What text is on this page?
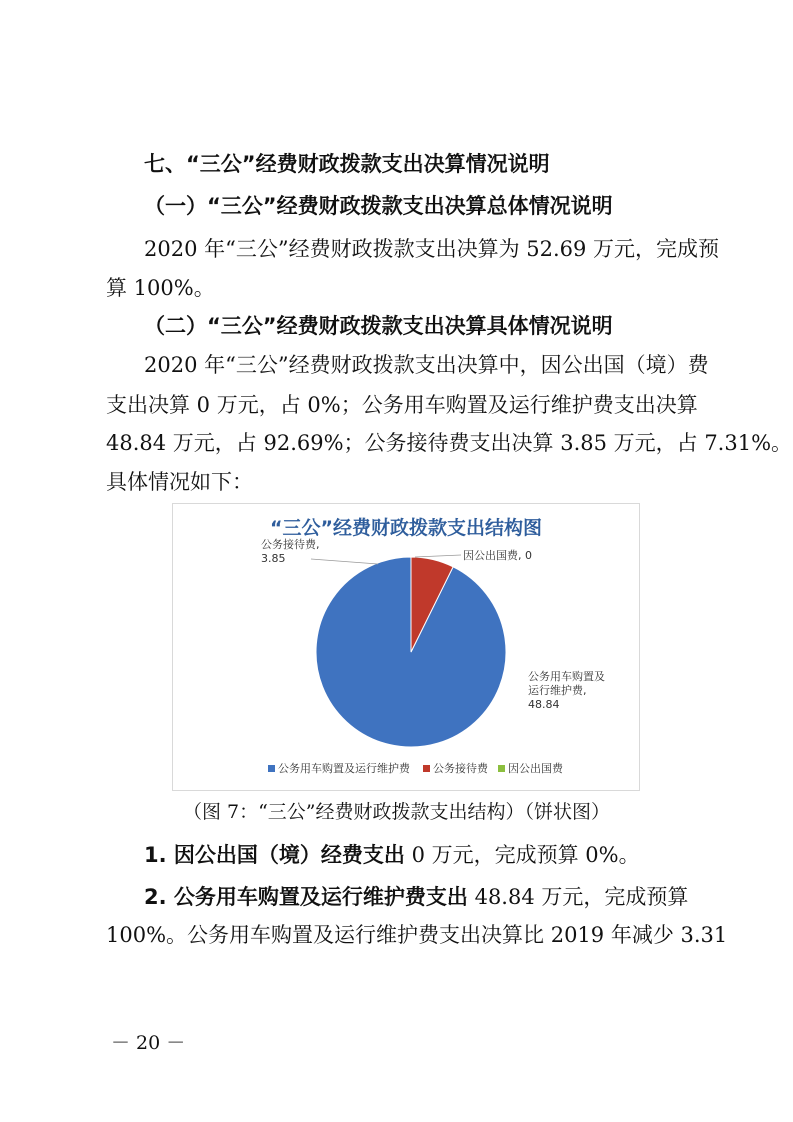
七、“三公”经费财政拨款支出决算情况说明
（一）“三公”经费财政拨款支出决算总体情况说明
2020 年“三公”经费财政拨款支出决算为 52.69 万元，完成预
算 100%。
（二）“三公”经费财政拨款支出决算具体情况说明
2020 年“三公”经费财政拨款支出决算中，因公出国（境）费
支出决算 0 万元，占 0%；公务用车购置及运行维护费支出决算
48.84 万元，占 92.69%；公务接待费支出决算 3.85 万元，占 7.31%。
具体情况如下：
“三公”经费财政拨款支出结构图
公务接待费,
3.85	因公出国费, 0
公务用车购置及
运行维护费,
48.84
公务用车购置及运行维护费 公务接待费 因公出国费
（图 7：“三公”经费财政拨款支出结构）（饼状图）
1. 因公出国（境）经费支出 0 万元，完成预算 0%。
2. 公务用车购置及运行维护费支出 48.84 万元，完成预算
100%。公务用车购置及运行维护费支出决算比 2019 年减少 3.31
－ 20 －
